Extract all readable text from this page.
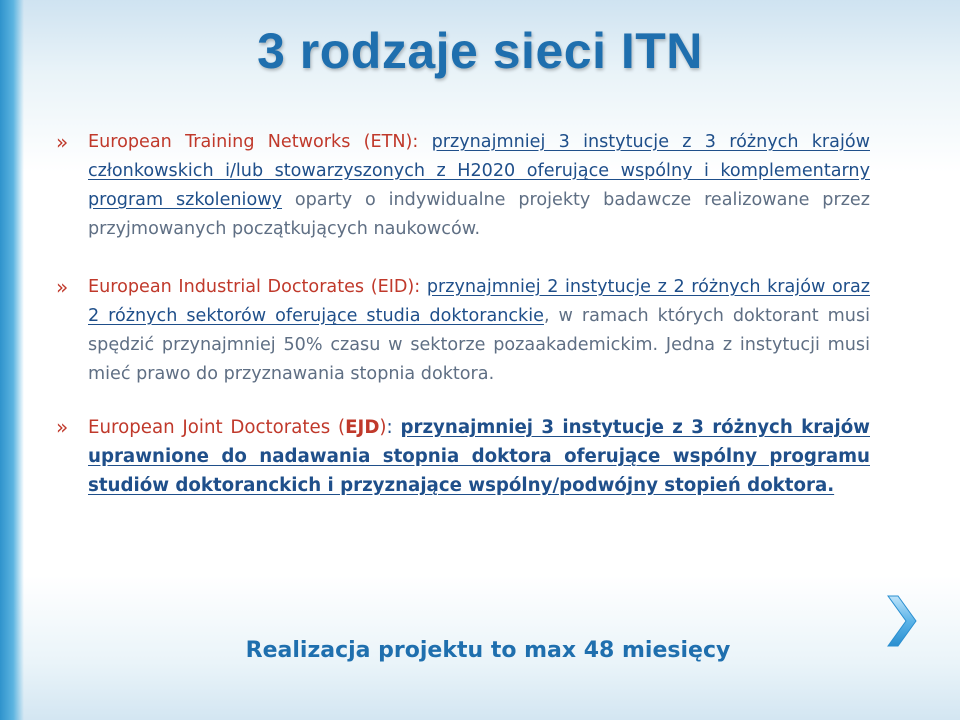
3 rodzaje sieci ITN
» European Training Networks (ETN): przynajmniej 3 instytucje z 3 różnych krajów członkowskich i/lub stowarzyszonych z H2020 oferujące wspólny i komplementarny program szkoleniowy oparty o indywidualne projekty badawcze realizowane przez przyjmowanych początkujących naukowców.

» European Industrial Doctorates (EID): przynajmniej 2 instytucje z 2 różnych krajów oraz 2 różnych sektorów oferujące studia doktoranckie, w ramach których doktorant musi spędzić przynajmniej 50% czasu w sektorze pozaakademickim. Jedna z instytucji musi mieć prawo do przyznawania stopnia doktora.

» European Joint Doctorates (EJD): przynajmniej 3 instytucje z 3 różnych krajów uprawnione do nadawania stopnia doktora oferujące wspólny programu studiów doktoranckich i przyznające wspólny/podwójny stopień doktora.

Realizacja projektu to max 48 miesięcy
